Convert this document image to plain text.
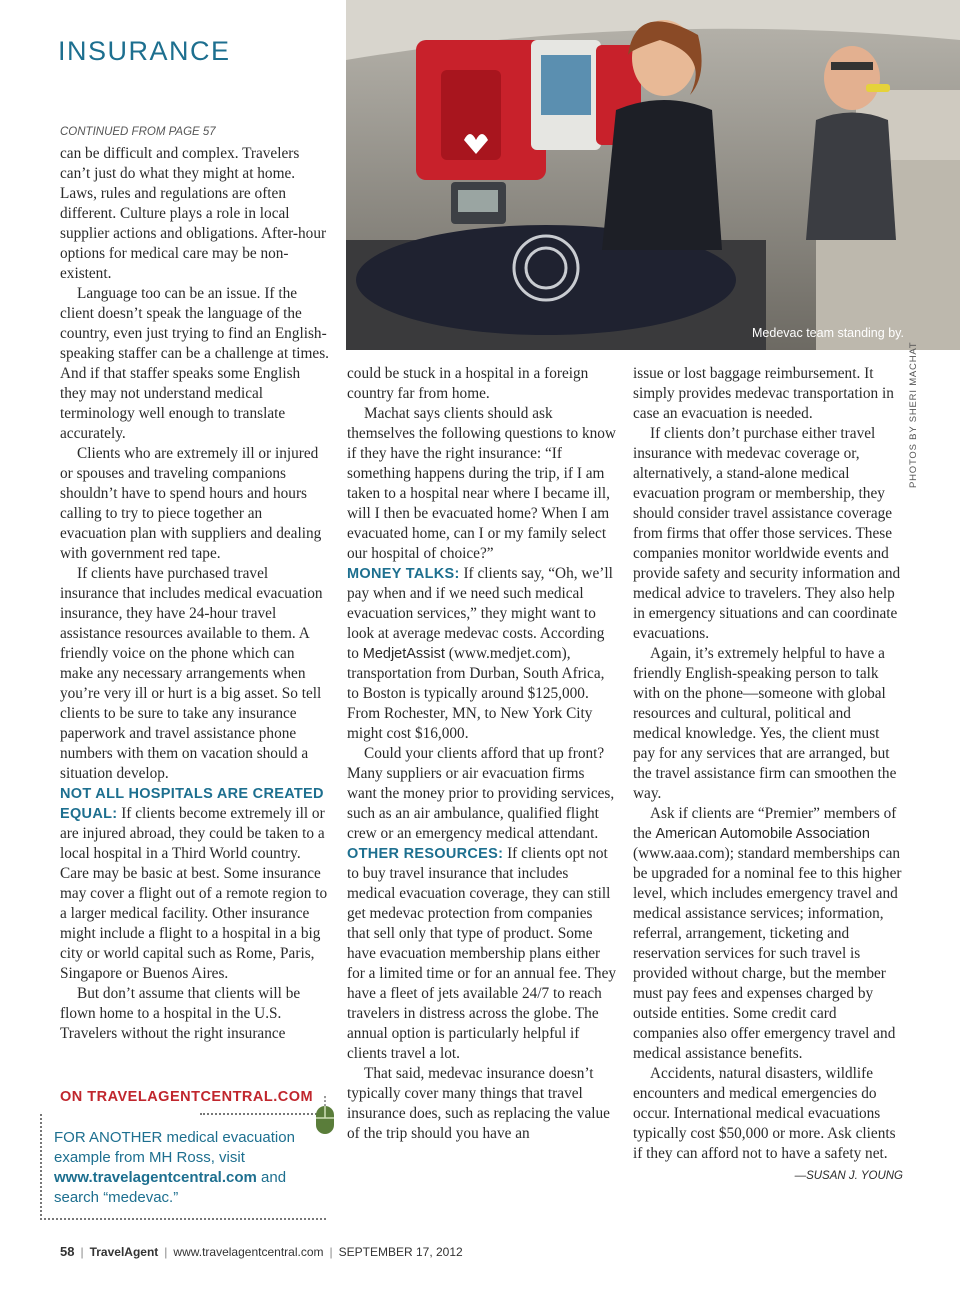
INSURANCE
Medevac team standing by.
PHOTOS BY SHERI MACHAT
CONTINUED FROM PAGE 57

can be difficult and complex. Travelers can’t just do what they might at home. Laws, rules and regulations are often different. Culture plays a role in local supplier actions and obligations. After-hour options for medical care may be non-existent.

Language too can be an issue. If the client doesn’t speak the language of the country, even just trying to find an English-speaking staffer can be a challenge at times. And if that staffer speaks some English they may not understand medical terminology well enough to translate accurately.

Clients who are extremely ill or injured or spouses and traveling companions shouldn’t have to spend hours and hours calling to try to piece together an evacuation plan with suppliers and dealing with government red tape.

If clients have purchased travel insurance that includes medical evacuation insurance, they have 24-hour travel assistance resources available to them. A friendly voice on the phone which can make any necessary arrangements when you’re very ill or hurt is a big asset. So tell clients to be sure to take any insurance paperwork and travel assistance phone numbers with them on vacation should a situation develop.

NOT ALL HOSPITALS ARE CREATED EQUAL: If clients become extremely ill or are injured abroad, they could be taken to a local hospital in a Third World country. Care may be basic at best. Some insurance may cover a flight out of a remote region to a larger medical facility. Other insurance might include a flight to a hospital in a big city or world capital such as Rome, Paris, Singapore or Buenos Aires.

But don’t assume that clients will be flown home to a hospital in the U.S. Travelers without the right insurance

could be stuck in a hospital in a foreign country far from home.

Machat says clients should ask themselves the following questions to know if they have the right insurance: “If something happens during the trip, if I am taken to a hospital near where I became ill, will I then be evacuated home? When I am evacuated home, can I or my family select our hospital of choice?”

MONEY TALKS: If clients say, “Oh, we’ll pay when and if we need such medical evacuation services,” they might want to look at average medevac costs. According to MedjetAssist (www.medjet.com), transportation from Durban, South Africa, to Boston is typically around $125,000. From Rochester, MN, to New York City might cost $16,000.

Could your clients afford that up front? Many suppliers or air evacuation firms want the money prior to providing services, such as an air ambulance, qualified flight crew or an emergency medical attendant.

OTHER RESOURCES: If clients opt not to buy travel insurance that includes medical evacuation coverage, they can still get medevac protection from companies that sell only that type of product. Some have evacuation membership plans either for a limited time or for an annual fee. They have a fleet of jets available 24/7 to reach travelers in distress across the globe. The annual option is particularly helpful if clients travel a lot.

That said, medevac insurance doesn’t typically cover many things that travel insurance does, such as replacing the value of the trip should you have an

issue or lost baggage reimbursement. It simply provides medevac transportation in case an evacuation is needed.

If clients don’t purchase either travel insurance with medevac coverage or, alternatively, a stand-alone medical evacuation program or membership, they should consider travel assistance coverage from firms that offer those services. These companies monitor worldwide events and provide safety and security information and medical advice to travelers. They also help in emergency situations and can coordinate evacuations.

Again, it’s extremely helpful to have a friendly English-speaking person to talk with on the phone—someone with global resources and cultural, political and medical knowledge. Yes, the client must pay for any services that are arranged, but the travel assistance firm can smoothen the way.

Ask if clients are “Premier” members of the American Automobile Association (www.aaa.com); standard memberships can be upgraded for a nominal fee to this higher level, which includes emergency travel and medical assistance services; information, referral, arrangement, ticketing and reservation services for such travel is provided without charge, but the member must pay fees and expenses charged by outside entities. Some credit card companies also offer emergency travel and medical assistance benefits.

Accidents, natural disasters, wildlife encounters and medical emergencies do occur. International medical evacuations typically cost $50,000 or more. Ask clients if they can afford not to have a safety net.
—SUSAN J. YOUNG

ON TRAVELAGENTCENTRAL.COM
FOR ANOTHER medical evacuation example from MH Ross, visit www.travelagentcentral.com and search “medevac.”
58 | TravelAgent | www.travelagentcentral.com | SEPTEMBER 17, 2012
